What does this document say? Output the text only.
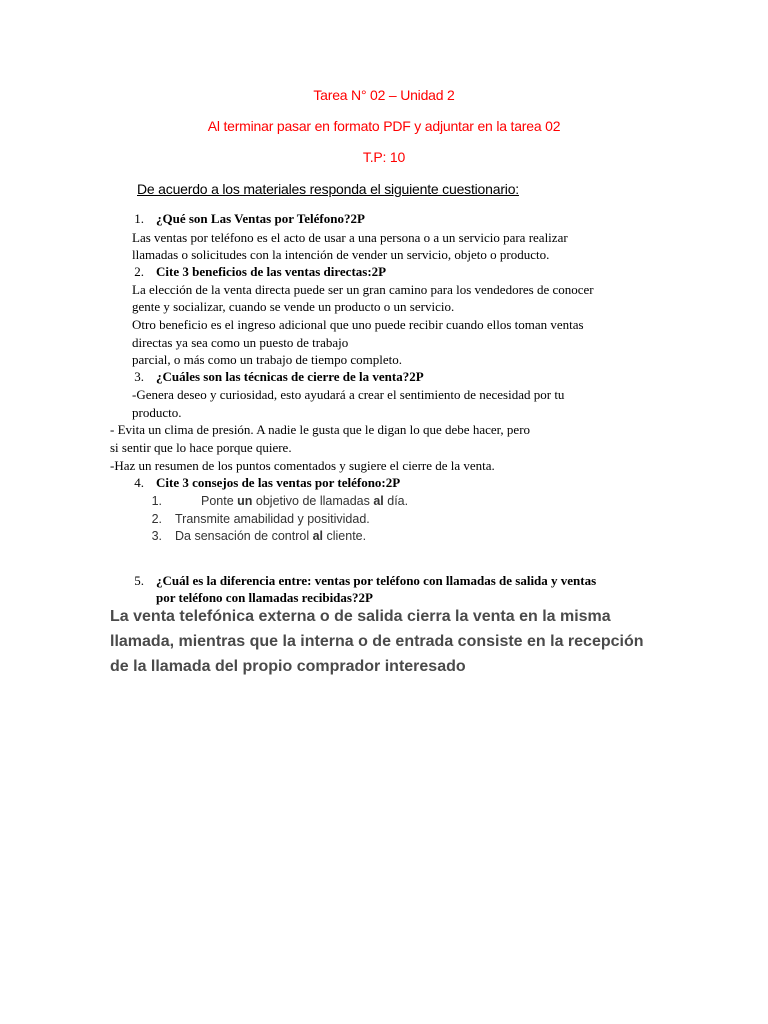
Tarea N° 02 – Unidad 2
Al terminar pasar en formato PDF y adjuntar en la tarea 02
T.P: 10
De acuerdo a los materiales responda el siguiente cuestionario:
1. ¿Qué son Las Ventas por Teléfono?2P
Las ventas por teléfono es el acto de usar a una persona o a un servicio para realizar
llamadas o solicitudes con la intención de vender un servicio, objeto o producto.
2. Cite 3 beneficios de las ventas directas:2P
La elección de la venta directa puede ser un gran camino para los vendedores de conocer
gente y socializar, cuando se vende un producto o un servicio.
Otro beneficio es el ingreso adicional que uno puede recibir cuando ellos toman ventas
directas ya sea como un puesto de trabajo
parcial, o más como un trabajo de tiempo completo.
3. ¿Cuáles son las técnicas de cierre de la venta?2P
-Genera deseo y curiosidad, esto ayudará a crear el sentimiento de necesidad por tu
producto.
- Evita un clima de presión. A nadie le gusta que le digan lo que debe hacer, pero
si sentir que lo hace porque quiere.
-Haz un resumen de los puntos comentados y sugiere el cierre de la venta.
4. Cite 3 consejos de las ventas por teléfono:2P
1.	Ponte un objetivo de llamadas al día.
2. Transmite amabilidad y positividad.
3. Da sensación de control al cliente.
5. ¿Cuál es la diferencia entre: ventas por teléfono con llamadas de salida y ventas
por teléfono con llamadas recibidas?2P
La venta telefónica externa o de salida cierra la venta en la misma
llamada, mientras que la interna o de entrada consiste en la recepción
de la llamada del propio comprador interesado
